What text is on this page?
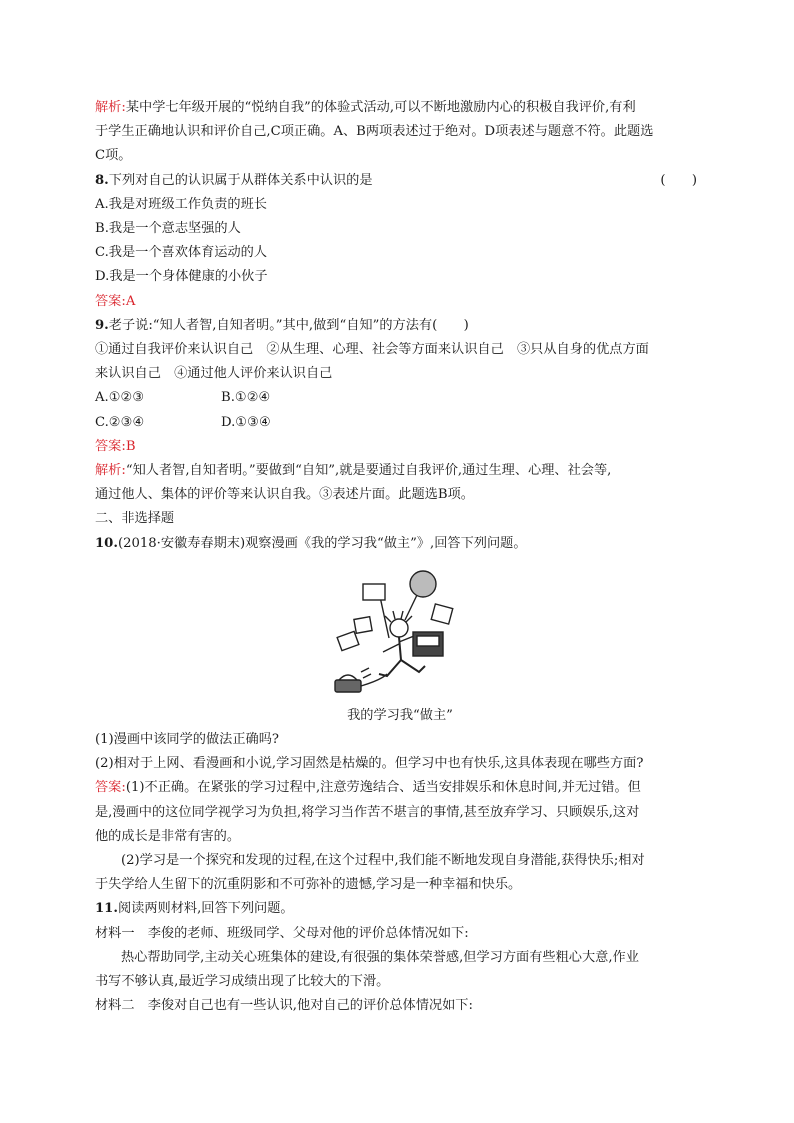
解析:某中学七年级开展的“悦纳自我”的体验式活动,可以不断地激励内心的积极自我评价,有利
于学生正确地认识和评价自己,C项正确。A、B两项表述过于绝对。D项表述与题意不符。此题选
C项。
8.下列对自己的认识属于从群体关系中认识的是	(　　)
A.我是对班级工作负责的班长
B.我是一个意志坚强的人
C.我是一个喜欢体育运动的人
D.我是一个身体健康的小伙子
答案:A
9.老子说:“知人者智,自知者明。”其中,做到“自知”的方法有(　　)
①通过自我评价来认识自己　②从生理、心理、社会等方面来认识自己　③只从自身的优点方面
来认识自己　④通过他人评价来认识自己
A.①②③	B.①②④
C.②③④	D.①③④
答案:B
解析:“知人者智,自知者明。”要做到“自知”,就是要通过自我评价,通过生理、心理、社会等,
通过他人、集体的评价等来认识自我。③表述片面。此题选B项。
二、非选择题
10.(2018·安徽寿春期末)观察漫画《我的学习我“做主”》,回答下列问题。
我的学习我“做主”
(1)漫画中该同学的做法正确吗?
(2)相对于上网、看漫画和小说,学习固然是枯燥的。但学习中也有快乐,这具体表现在哪些方面?
答案:(1)不正确。在紧张的学习过程中,注意劳逸结合、适当安排娱乐和休息时间,并无过错。但
是,漫画中的这位同学视学习为负担,将学习当作苦不堪言的事情,甚至放弃学习、只顾娱乐,这对
他的成长是非常有害的。
(2)学习是一个探究和发现的过程,在这个过程中,我们能不断地发现自身潜能,获得快乐;相对
于失学给人生留下的沉重阴影和不可弥补的遗憾,学习是一种幸福和快乐。
11.阅读两则材料,回答下列问题。
材料一　 李俊的老师、班级同学、父母对他的评价总体情况如下:
热心帮助同学,主动关心班集体的建设,有很强的集体荣誉感,但学习方面有些粗心大意,作业
书写不够认真,最近学习成绩出现了比较大的下滑。
材料二　 李俊对自己也有一些认识,他对自己的评价总体情况如下:
